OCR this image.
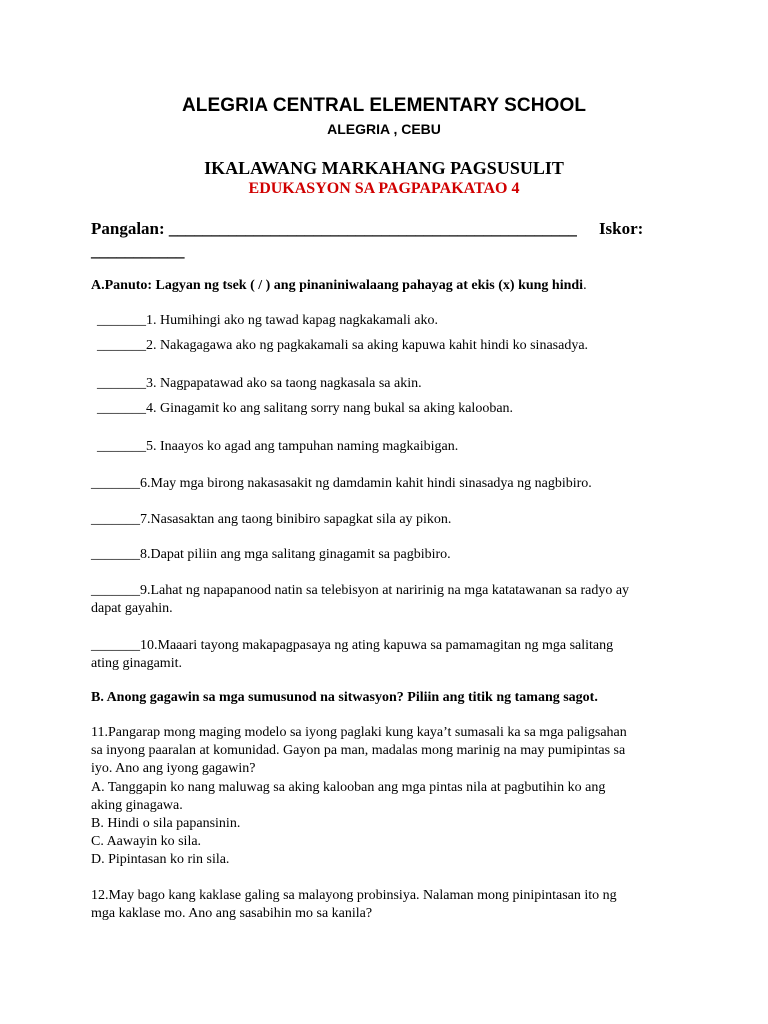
ALEGRIA CENTRAL ELEMENTARY SCHOOL
ALEGRIA , CEBU
IKALAWANG MARKAHANG PAGSUSULIT
EDUKASYON SA PAGPAPAKATAO 4
Pangalan: ________________________________________________ Iskor:
___________
A.Panuto: Lagyan ng tsek ( / ) ang pinaniniwalaang pahayag at ekis (x) kung hindi.
_______1. Humihingi ako ng tawad kapag nagkakamali ako.
_______2. Nakagagawa ako ng pagkakamali sa aking kapuwa kahit hindi ko sinasadya.
_______3. Nagpapatawad ako sa taong nagkasala sa akin.
_______4. Ginagamit ko ang salitang sorry nang bukal sa aking kalooban.
_______5. Inaayos ko agad ang tampuhan naming magkaibigan.
_______6.May mga birong nakasasakit ng damdamin kahit hindi sinasadya ng nagbibiro.
_______7.Nasasaktan ang taong binibiro sapagkat sila ay pikon.
_______8.Dapat piliin ang mga salitang ginagamit sa pagbibiro.
_______9.Lahat ng napapanood natin sa telebisyon at naririnig na mga katatawanan sa radyo ay
dapat gayahin.
_______10.Maaari tayong makapagpasaya ng ating kapuwa sa pamamagitan ng mga salitang
ating ginagamit.
B. Anong gagawin sa mga sumusunod na sitwasyon? Piliin ang titik ng tamang sagot.
11.Pangarap mong maging modelo sa iyong paglaki kung kaya’t sumasali ka sa mga paligsahan
sa inyong paaralan at komunidad. Gayon pa man, madalas mong marinig na may pumipintas sa
iyo. Ano ang iyong gagawin?
A. Tanggapin ko nang maluwag sa aking kalooban ang mga pintas nila at pagbutihin ko ang
aking ginagawa.
B. Hindi o sila papansinin.
C. Aawayin ko sila.
D. Pipintasan ko rin sila.
12.May bago kang kaklase galing sa malayong probinsiya. Nalaman mong pinipintasan ito ng
mga kaklase mo. Ano ang sasabihin mo sa kanila?
